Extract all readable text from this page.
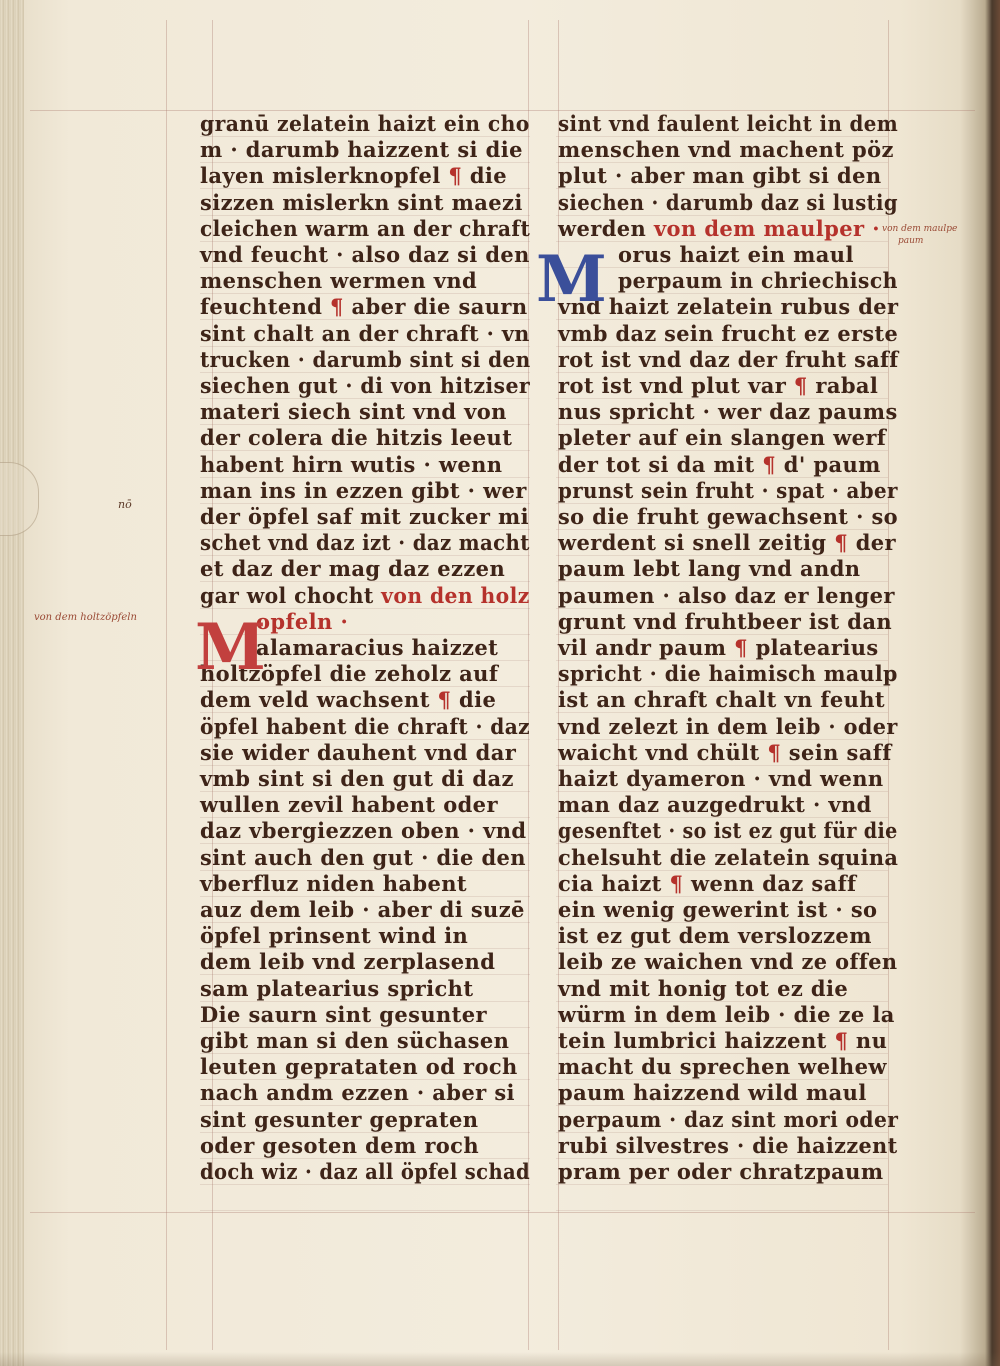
granū zelatein haizt ein cho
m · darumb haizzent si die
layen mislerknopfel ¶ die
sizzen mislerkn sint maezi
cleichen warm an der chraft
vnd feucht · also daz si den
menschen wermen vnd
feuchtend ¶ aber die saurn
sint chalt an der chraft · vn
trucken · darumb sint si den
siechen gut · di von hitziser
materi siech sint vnd von
der colera die hitzis leeut
habent hirn wutis · wenn
man ins in ezzen gibt · wer
der öpfel saf mit zucker mi
schet vnd daz izt · daz macht
et daz der mag daz ezzen
gar wol chocht von den holz
opfeln ·
alamaracius haizzet
holtzöpfel die zeholz auf
dem veld wachsent ¶ die
öpfel habent die chraft · daz
sie wider dauhent vnd dar
vmb sint si den gut di daz
wullen zevil habent oder
daz vbergiezzen oben · vnd
sint auch den gut · die den
vberfluz niden habent
auz dem leib · aber di suzē
öpfel prinsent wind in
dem leib vnd zerplasend
sam platearius spricht
Die saurn sint gesunter
gibt man si den süchasen
leuten geprataten od roch
nach andm ezzen · aber si
sint gesunter gepraten
oder gesoten dem roch
doch wiz · daz all öpfel schad
sint vnd faulent leicht in dem
menschen vnd machent pöz
plut · aber man gibt si den
siechen · darumb daz si lustig
werden von dem maulper ·
orus haizt ein maul
perpaum in chriechisch
vnd haizt zelatein rubus der
vmb daz sein frucht ez erste
rot ist vnd daz der fruht saff
rot ist vnd plut var ¶ rabal
nus spricht · wer daz paums
pleter auf ein slangen werf
der tot si da mit ¶ d' paum
prunst sein fruht · spat · aber
so die fruht gewachsent · so
werdent si snell zeitig ¶ der
paum lebt lang vnd andn
paumen · also daz er lenger
grunt vnd fruhtbeer ist dan
vil andr paum ¶ platearius
spricht · die haimisch maulp
ist an chraft chalt vn feuht
vnd zelezt in dem leib · oder
waicht vnd chült ¶ sein saff
haizt dyameron · vnd wenn
man daz auzgedrukt · vnd
gesenftet · so ist ez gut für die
chelsuht die zelatein squina
cia haizt ¶ wenn daz saff
ein wenig gewerint ist · so
ist ez gut dem verslozzem
leib ze waichen vnd ze offen
vnd mit honig tot ez die
würm in dem leib · die ze la
tein lumbrici haizzent ¶ nu
macht du sprechen welhew
paum haizzend wild maul
perpaum · daz sint mori oder
rubi silvestres · die haizzent
pram per oder chratzpaum
M
M
nō
von dem holtzöpfeln
von dem maulpe
paum
